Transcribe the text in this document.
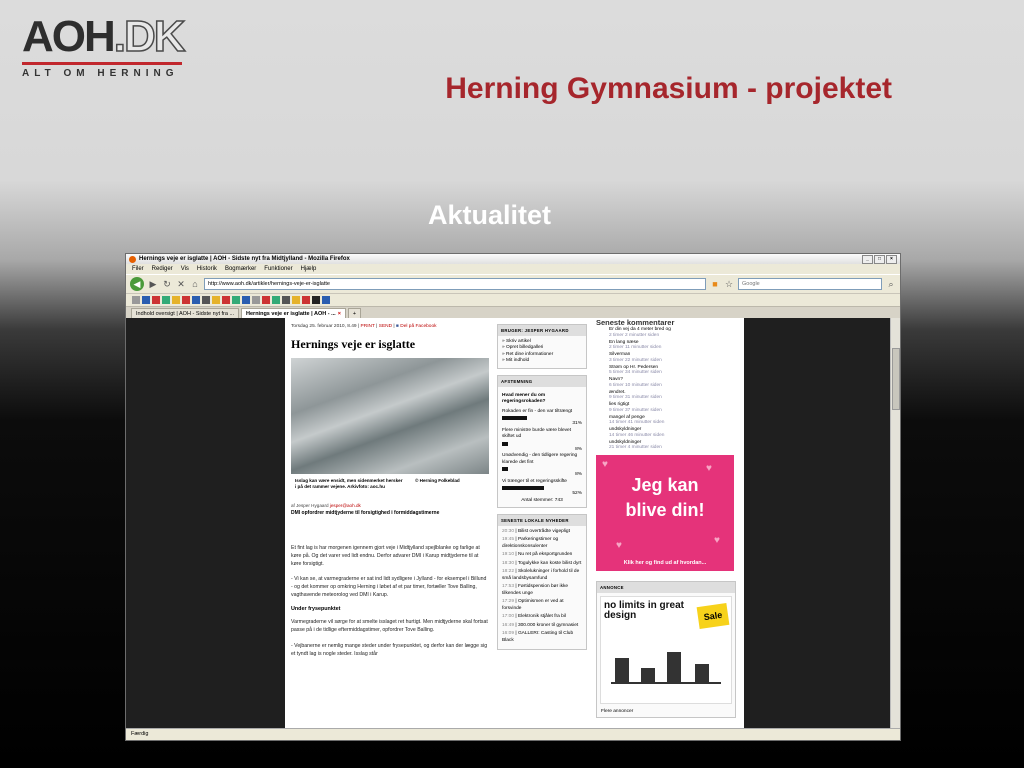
AOH.DK
ALT OM HERNING	Herning Gymnasium - projektet
Aktualitet
Hernings veje er isglatte | AOH - Sidste nyt fra Midtjylland - Mozilla Firefox	_	□	×
Filer Rediger Vis Historik Bogmærker Funktioner Hjælp
◀	▶ ↻ ✕ ⌂	http://www.aoh.dk/artikler/hernings-veje-er-isglatte	■ ☆ Google	⌕
Indhold oversigt | AOH - Sidste nyt fra ... Hernings veje er isglatte | AOH - ... ×	+
Torsdag 25. februar 2010, 8.49 | PRINT | SEND | ■ Del på Facebook
Hernings veje er isglatte
Isslag kan være ensidt, men sidenmerket hersker i på det rammer vejene. Arkivfoto: aoc.hu
© Herning Folkeblad
af Jesper Hygaard jesper@aoh.dk
DMI opfordrer midtjyderne til forsigtighed i formiddagstimerne

Et fint lag is har morgenen igennem gjort veje i Midtjylland spejlblanke og farlige at køre på. Og det varer ved lidt endnu. Derfor advarer DMI i Karup midtjyderne til at køre forsigtigt.

- Vi kan se, at varmegraderne er sat ind lidt sydligere i Jylland - for eksempel i Billund - og det kommer op omkring Herning i løbet af et par timer, fortæller Tove Balling, vagthavende meteorolog ved DMI i Karup.

Under frysepunktet

Varmegraderne vil sørge for at smelte isslaget ret hurtigt. Men midtjyderne skal fortsat passe på i de tidlige eftermiddagstimer, opfordrer Tove Balling.

- Vejbanerne er nemlig mange steder under frysepunktet, og derfor kan der lægge sig et tyndt lag is nogle steder. Isslag står

BRUGER: JESPER HYGAARD
» Skriv artikel
» Opret billedgalleri
» Ret dine informationer
» Mit indhold
AFSTEMNING
Hvad mener du om regeringsrokaden?
Rokaden er fin - den var tiltrængt
31%
Flere ministre burde være blevet skiftet ud
8%
Unødvendig - den tidligere regering klarede det fint
8%
Vi trænger til et regeringsskifte
52%
Antal stemmer: 743
SENESTE LOKALE NYHEDER
20:30 | Bilist overtrådte vigepligt
19:45 | Parkeringstimer og direktionskonsulenter
19:10 | Nu ret på eksportgrunden
18:30 | Togulykke kan koste bilist dyrt
18:22 | Skolelukninger i forhold til de små landsbysamfund
17:53 | Førtidspension bør ikke tilkendes unge
17:29 | Optimismen er ved at forsvinde
17:00 | Elektronik stjålet fra bil
16:49 | 300.000 kroner til gymnasiet
16:09 | GALLERI: Casting til Club Black
Seneste kommentarer
Er din vej da 4 meter bred og
2 timer 2 minutter siden
En lang næse
2 timer 11 minutter siden
Silverman
3 timer 22 minutter siden
Strøm op Hr. Pedersen
5 timer 34 minutter siden
Navn?
6 timer 10 minutter siden
ændret.
9 timer 31 minutter siden
lies rigtigt
9 timer 37 minutter siden
mangel af penge
14 timer 41 minutter siden
undskyldninger
14 timer 46 minutter siden
undskyldninger
21 timer 4 minutter siden
♥	♥
♥	♥
Jeg kan
blive din!
Klik her og find ud af hvordan...
ANNONCE
no limits in great design	Sale
Flere annoncer
Færdig
